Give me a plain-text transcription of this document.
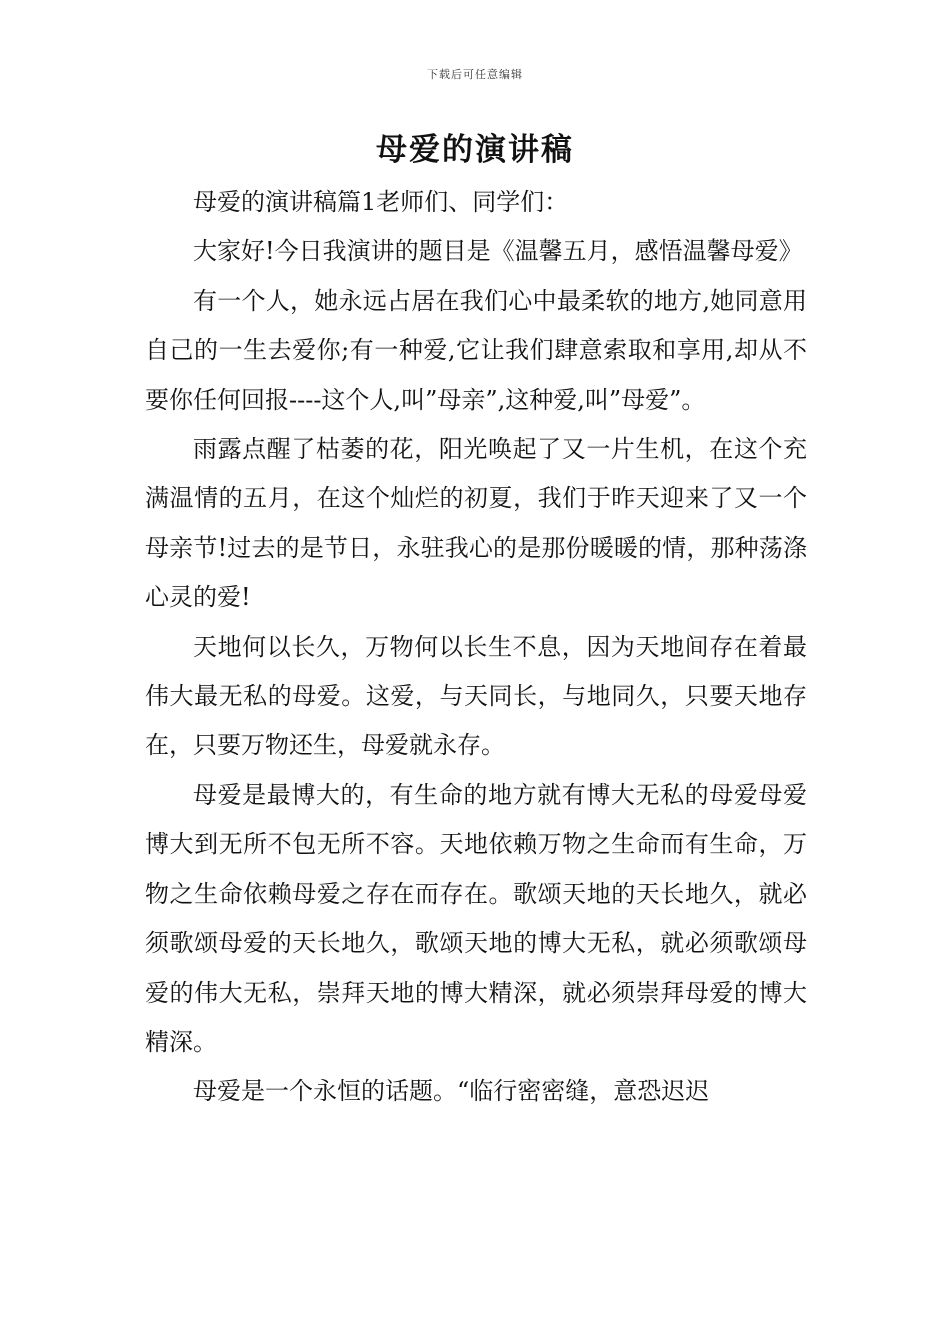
下载后可任意编辑
母爱的演讲稿

母爱的演讲稿篇1老师们、同学们：

大家好!今日我演讲的题目是《温馨五月，感悟温馨母爱》

有一个人，她永远占居在我们心中最柔软的地方,她同意用自己的一生去爱你;有一种爱,它让我们肆意索取和享用,却从不要你任何回报----这个人,叫”母亲”,这种爱,叫”母爱”。

雨露点醒了枯萎的花，阳光唤起了又一片生机，在这个充满温情的五月，在这个灿烂的初夏，我们于昨天迎来了又一个母亲节!过去的是节日，永驻我心的是那份暖暖的情，那种荡涤心灵的爱!

天地何以长久，万物何以长生不息，因为天地间存在着最伟大最无私的母爱。这爱，与天同长，与地同久，只要天地存在，只要万物还生，母爱就永存。

母爱是最博大的，有生命的地方就有博大无私的母爱母爱博大到无所不包无所不容。天地依赖万物之生命而有生命，万物之生命依赖母爱之存在而存在。歌颂天地的天长地久，就必须歌颂母爱的天长地久，歌颂天地的博大无私，就必须歌颂母爱的伟大无私，崇拜天地的博大精深，就必须崇拜母爱的博大精深。

母爱是一个永恒的话题。“临行密密缝，意恐迟迟
